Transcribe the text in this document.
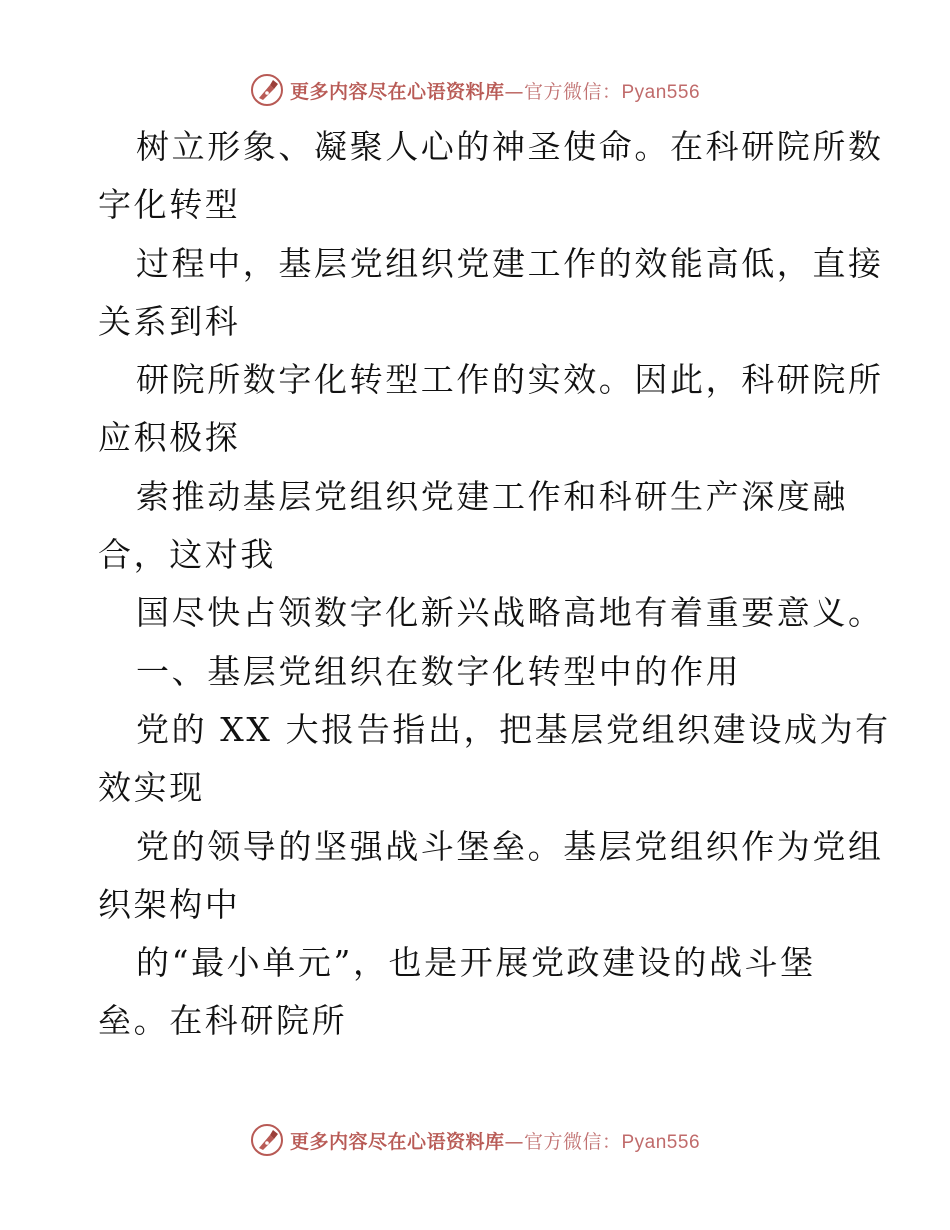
更多内容尽在心语资料库—官方微信：Pyan556
树立形象、凝聚人心的神圣使命。在科研院所数
字化转型
过程中，基层党组织党建工作的效能高低，直接
关系到科
研院所数字化转型工作的实效。因此，科研院所
应积极探
索推动基层党组织党建工作和科研生产深度融
合，这对我
国尽快占领数字化新兴战略高地有着重要意义。
一、基层党组织在数字化转型中的作用
党的 XX 大报告指出，把基层党组织建设成为有
效实现
党的领导的坚强战斗堡垒。基层党组织作为党组
织架构中
的“最小单元”，也是开展党政建设的战斗堡
垒。在科研院所
更多内容尽在心语资料库—官方微信：Pyan556
